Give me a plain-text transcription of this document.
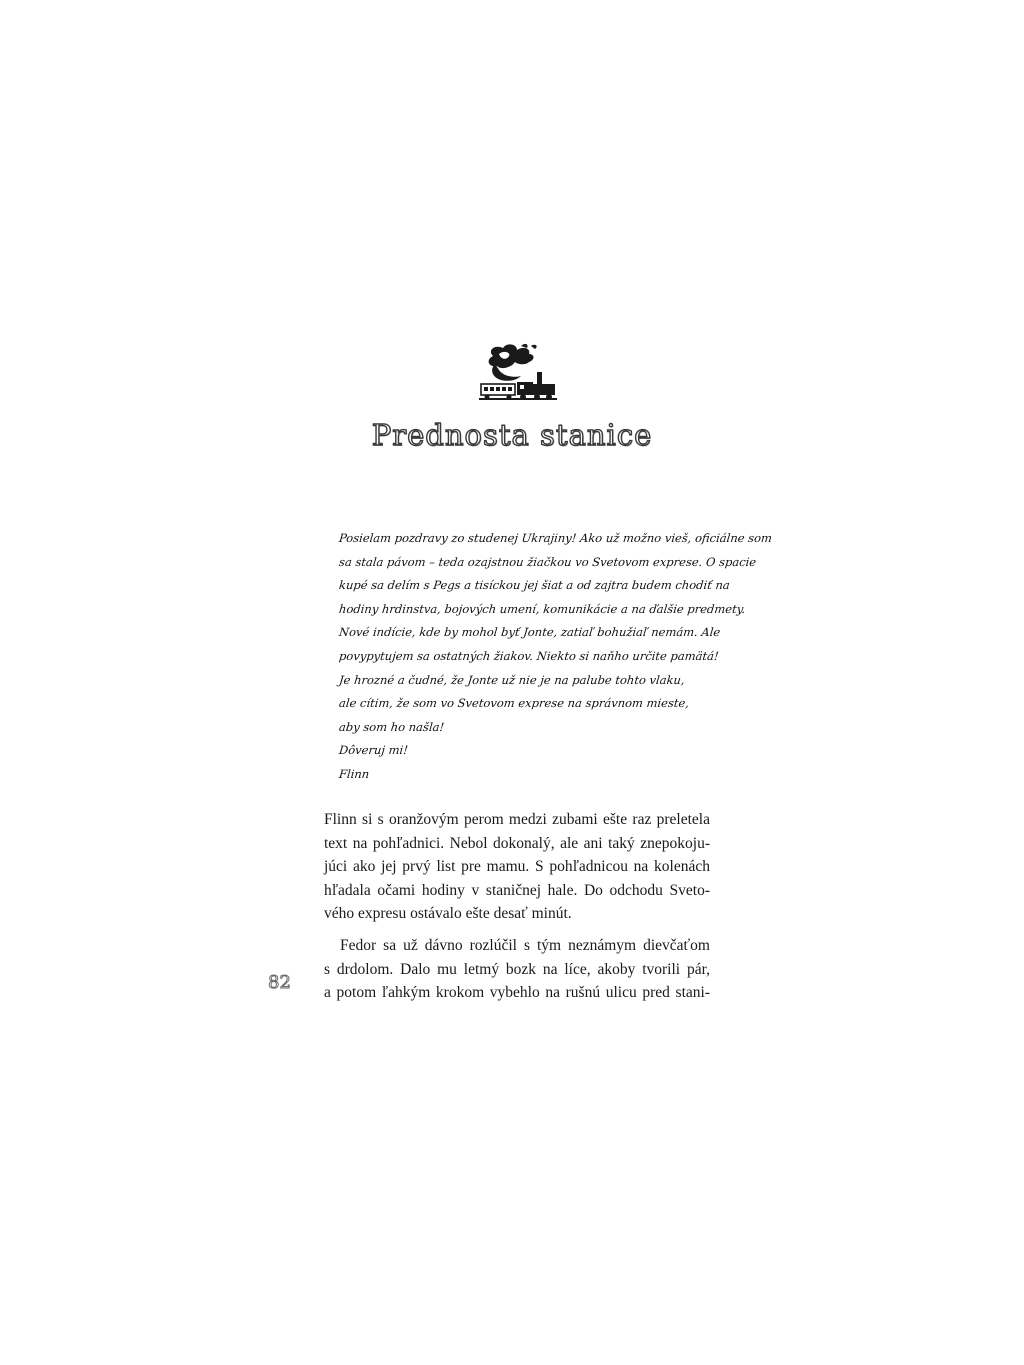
Prednosta stanice
Posielam pozdravy zo studenej Ukrajiny! Ako už možno vieš, oficiálne som
sa stala pávom – teda ozajstnou žiačkou vo Svetovom exprese. O spacie
kupé sa delím s Pegs a tisíckou jej šiat a od zajtra budem chodiť na
hodiny hrdinstva, bojových umení, komunikácie a na ďalšie predmety.
Nové indície, kde by mohol byť Jonte, zatiaľ bohužiaľ nemám. Ale
povypytujem sa ostatných žiakov. Niekto si naňho určite pamätá!
Je hrozné a čudné, že Jonte už nie je na palube tohto vlaku,
ale cítim, že som vo Svetovom exprese na správnom mieste,
aby som ho našla!
Dôveruj mi!
Flinn
Flinn si s oranžovým perom medzi zubami ešte raz preletela
text na pohľadnici. Nebol dokonalý, ale ani taký znepokoju-
júci ako jej prvý list pre mamu. S pohľadnicou na kolenách
hľadala očami hodiny v staničnej hale. Do odchodu Sveto-
vého expresu ostávalo ešte desať minút.
Fedor sa už dávno rozlúčil s tým neznámym dievčaťom
s drdolom. Dalo mu letmý bozk na líce, akoby tvorili pár,
a potom ľahkým krokom vybehlo na rušnú ulicu pred stani-
82
